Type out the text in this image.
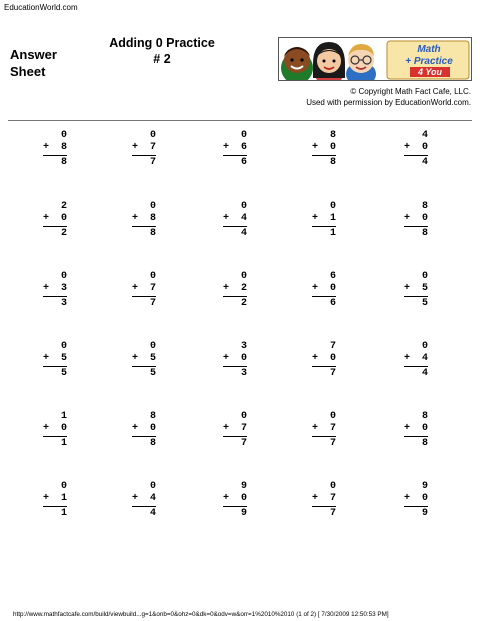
EducationWorld.com
Answer
Sheet
Adding 0 Practice
# 2
Math
+ Practice
4 You
© Copyright Math Fact Cafe, LLC.
Used with permission by EducationWorld.com.
0
+ 8
8
0
+ 7
7
0
+ 6
6
8
+ 0
8
4
+ 0
4
2
+ 0
2
0
+ 8
8
0
+ 4
4
0
+ 1
1
8
+ 0
8
0
+ 3
3
0
+ 7
7
0
+ 2
2
6
+ 0
6
0
+ 5
5
0
+ 5
5
0
+ 5
5
3
+ 0
3
7
+ 0
7
0
+ 4
4
1
+ 0
1
8
+ 0
8
0
+ 7
7
0
+ 7
7
8
+ 0
8
0
+ 1
1
0
+ 4
4
9
+ 0
9
0
+ 7
7
9
+ 0
9
http://www.mathfactcafe.com/build/viewbuild...g=1&onb=0&ohz=0&dk=0&odv=w&orr=1%2010%2010 (1 of 2) [ 7/30/2009 12:50:53 PM]
